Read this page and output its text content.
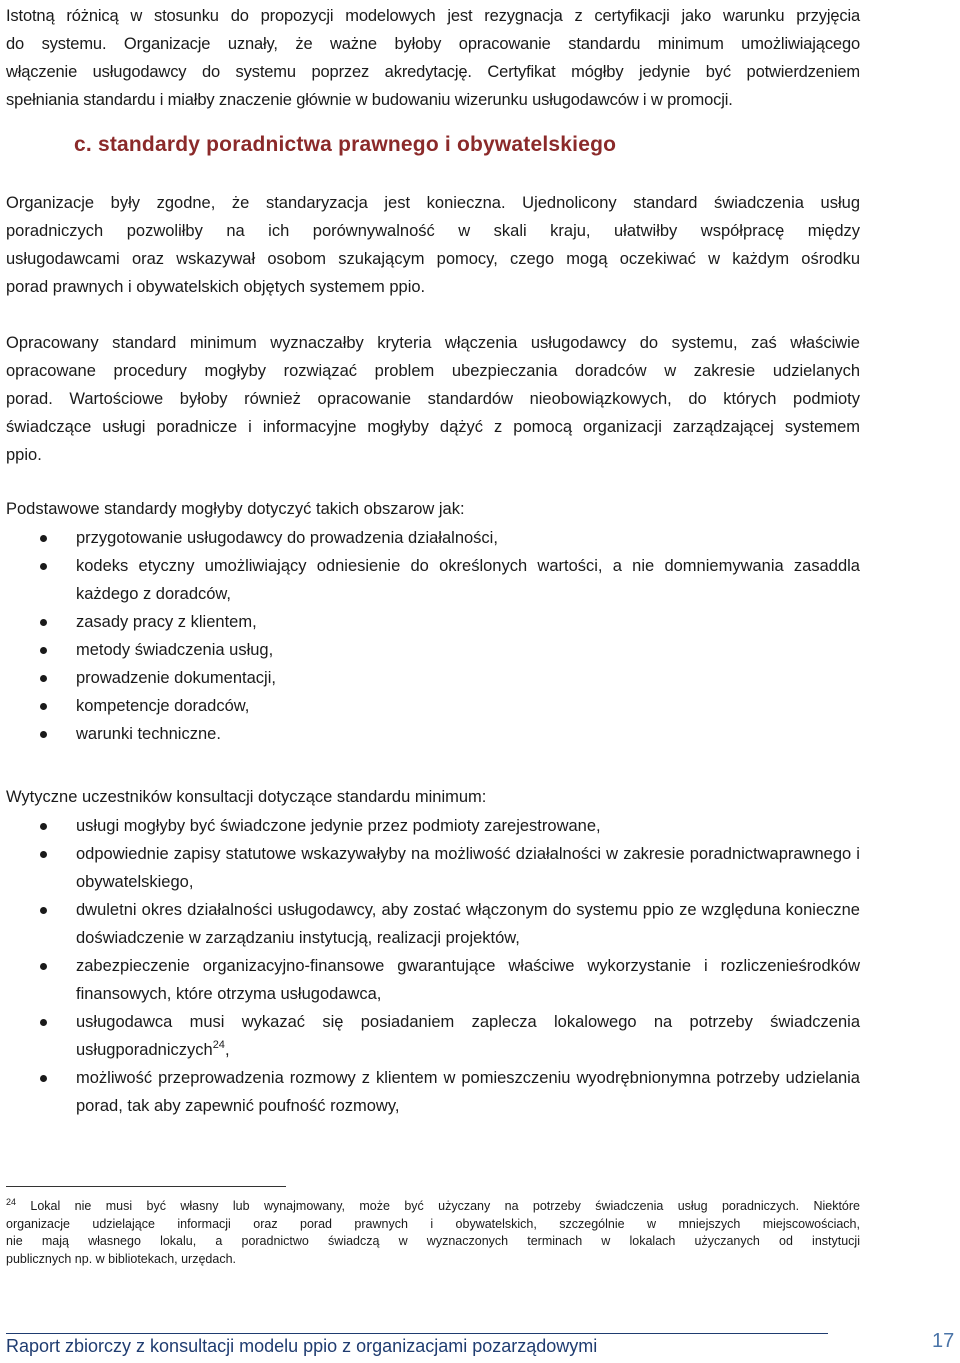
Istotną różnicą w stosunku do propozycji modelowych jest rezygnacja z certyfikacji jako warunku przyjęcia
do systemu. Organizacje uznały, że ważne byłoby opracowanie standardu minimum umożliwiającego
włączenie usługodawcy do systemu poprzez akredytację. Certyfikat mógłby jedynie być potwierdzeniem
spełniania standardu i miałby znaczenie głównie w budowaniu wizerunku usługodawców i w promocji.

c. standardy poradnictwa prawnego i obywatelskiego

Organizacje były zgodne, że standaryzacja jest konieczna. Ujednolicony standard świadczenia usług
poradniczych pozwoliłby na ich porównywalność w skali kraju, ułatwiłby współpracę między
usługodawcami oraz wskazywał osobom szukającym pomocy, czego mogą oczekiwać w każdym ośrodku
porad prawnych i obywatelskich objętych systemem ppio.

Opracowany standard minimum wyznaczałby kryteria włączenia usługodawcy do systemu, zaś właściwie
opracowane procedury mogłyby rozwiązać problem ubezpieczania doradców w zakresie udzielanych
porad. Wartościowe byłoby również opracowanie standardów nieobowiązkowych, do których podmioty
świadczące usługi poradnicze i informacyjne mogłyby dążyć z pomocą organizacji zarządzającej systemem
ppio.

Podstawowe standardy mogłyby dotyczyć takich obszarow jak:

przygotowanie usługodawcy do prowadzenia działalności,
kodeks etyczny umożliwiający odniesienie do określonych wartości, a nie domniemywania zasaddla każdego z doradców,
zasady pracy z klientem,
metody świadczenia usług,
prowadzenie dokumentacji,
kompetencje doradców,
warunki techniczne.

Wytyczne uczestników konsultacji dotyczące standardu minimum:

usługi mogłyby być świadczone jedynie przez podmioty zarejestrowane,
odpowiednie zapisy statutowe wskazywałyby na możliwość działalności w zakresie poradnictwaprawnego i obywatelskiego,
dwuletni okres działalności usługodawcy, aby zostać włączonym do systemu ppio ze względuna konieczne doświadczenie w zarządzaniu instytucją, realizacji projektów,
zabezpieczenie organizacyjno-finansowe gwarantujące właściwe wykorzystanie i rozliczenieśrodków finansowych, które otrzyma usługodawca,
usługodawca musi wykazać się posiadaniem zaplecza lokalowego na potrzeby świadczenia usługporadniczych$^{24}$,
możliwość przeprowadzenia rozmowy z klientem w pomieszczeniu wyodrębnionymna potrzeby udzielania porad, tak aby zapewnić poufność rozmowy,
$^{24}$ Lokal nie musi być własny lub wynajmowany, może być użyczany na potrzeby świadczenia usług poradniczych. Niektóre
organizacje udzielające informacji oraz porad prawnych i obywatelskich, szczególnie w mniejszych miejscowościach,
nie mają własnego lokalu, a poradnictwo świadczą w wyznaczonych terminach w lokalach użyczanych od instytucji
publicznych np. w bibliotekach, urzędach.

Raport zbiorczy z konsultacji modelu ppio z organizacjami pozarządowymi	17
